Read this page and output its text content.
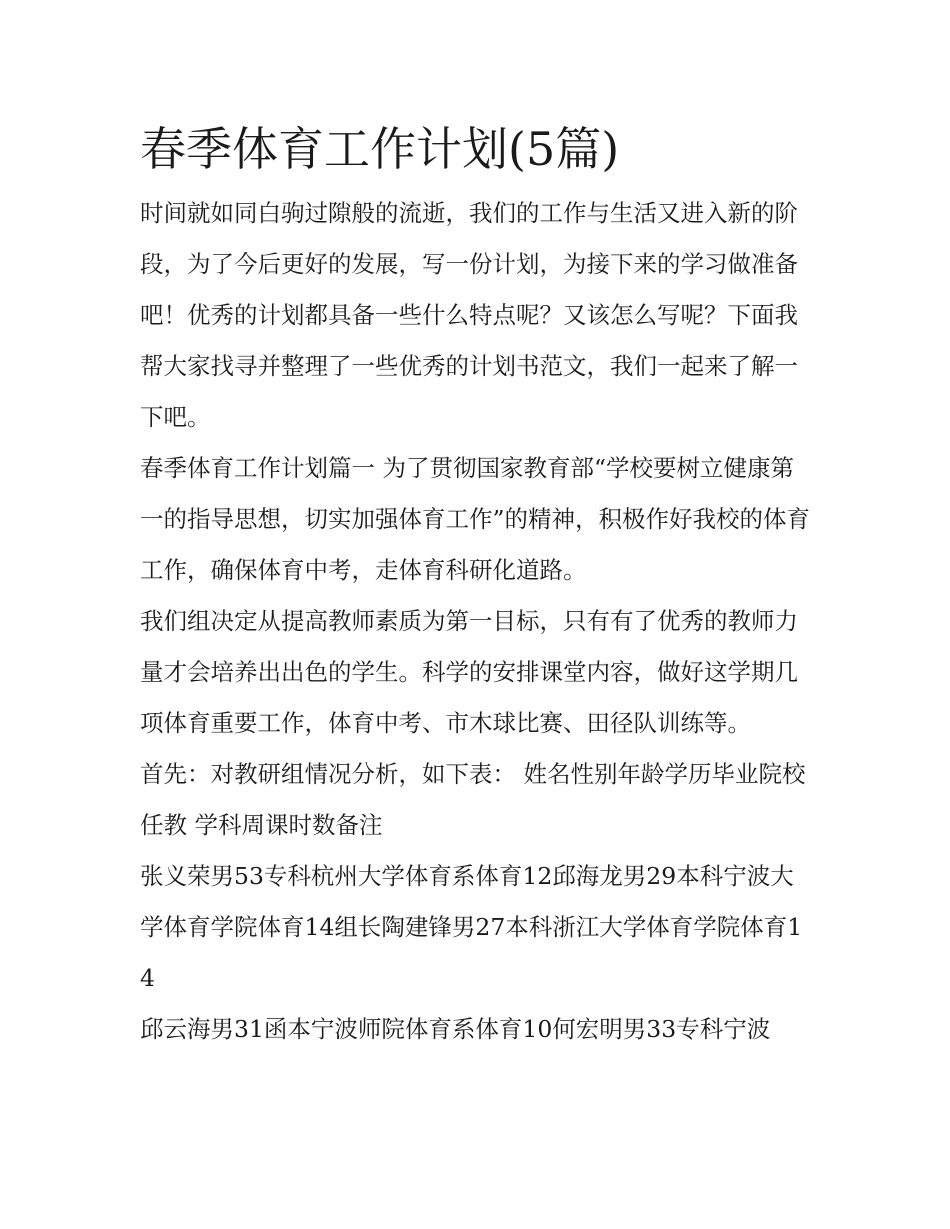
春季体育工作计划(5篇)

时间就如同白驹过隙般的流逝，我们的工作与生活又进入新的阶段，为了今后更好的发展，写一份计划，为接下来的学习做准备吧！优秀的计划都具备一些什么特点呢？又该怎么写呢？下面我帮大家找寻并整理了一些优秀的计划书范文，我们一起来了解一下吧。

春季体育工作计划篇一 为了贯彻国家教育部“学校要树立健康第一的指导思想，切实加强体育工作”的精神，积极作好我校的体育工作，确保体育中考，走体育科研化道路。

我们组决定从提高教师素质为第一目标，只有有了优秀的教师力量才会培养出出色的学生。科学的安排课堂内容，做好这学期几项体育重要工作，体育中考、市木球比赛、田径队训练等。

首先：对教研组情况分析，如下表： 姓名性别年龄学历毕业院校任教 学科周课时数备注

张义荣男53专科杭州大学体育系体育12邱海龙男29本科宁波大学体育学院体育14组长陶建锋男27本科浙江大学体育学院体育14

邱云海男31函本宁波师院体育系体育10何宏明男33专科宁波
